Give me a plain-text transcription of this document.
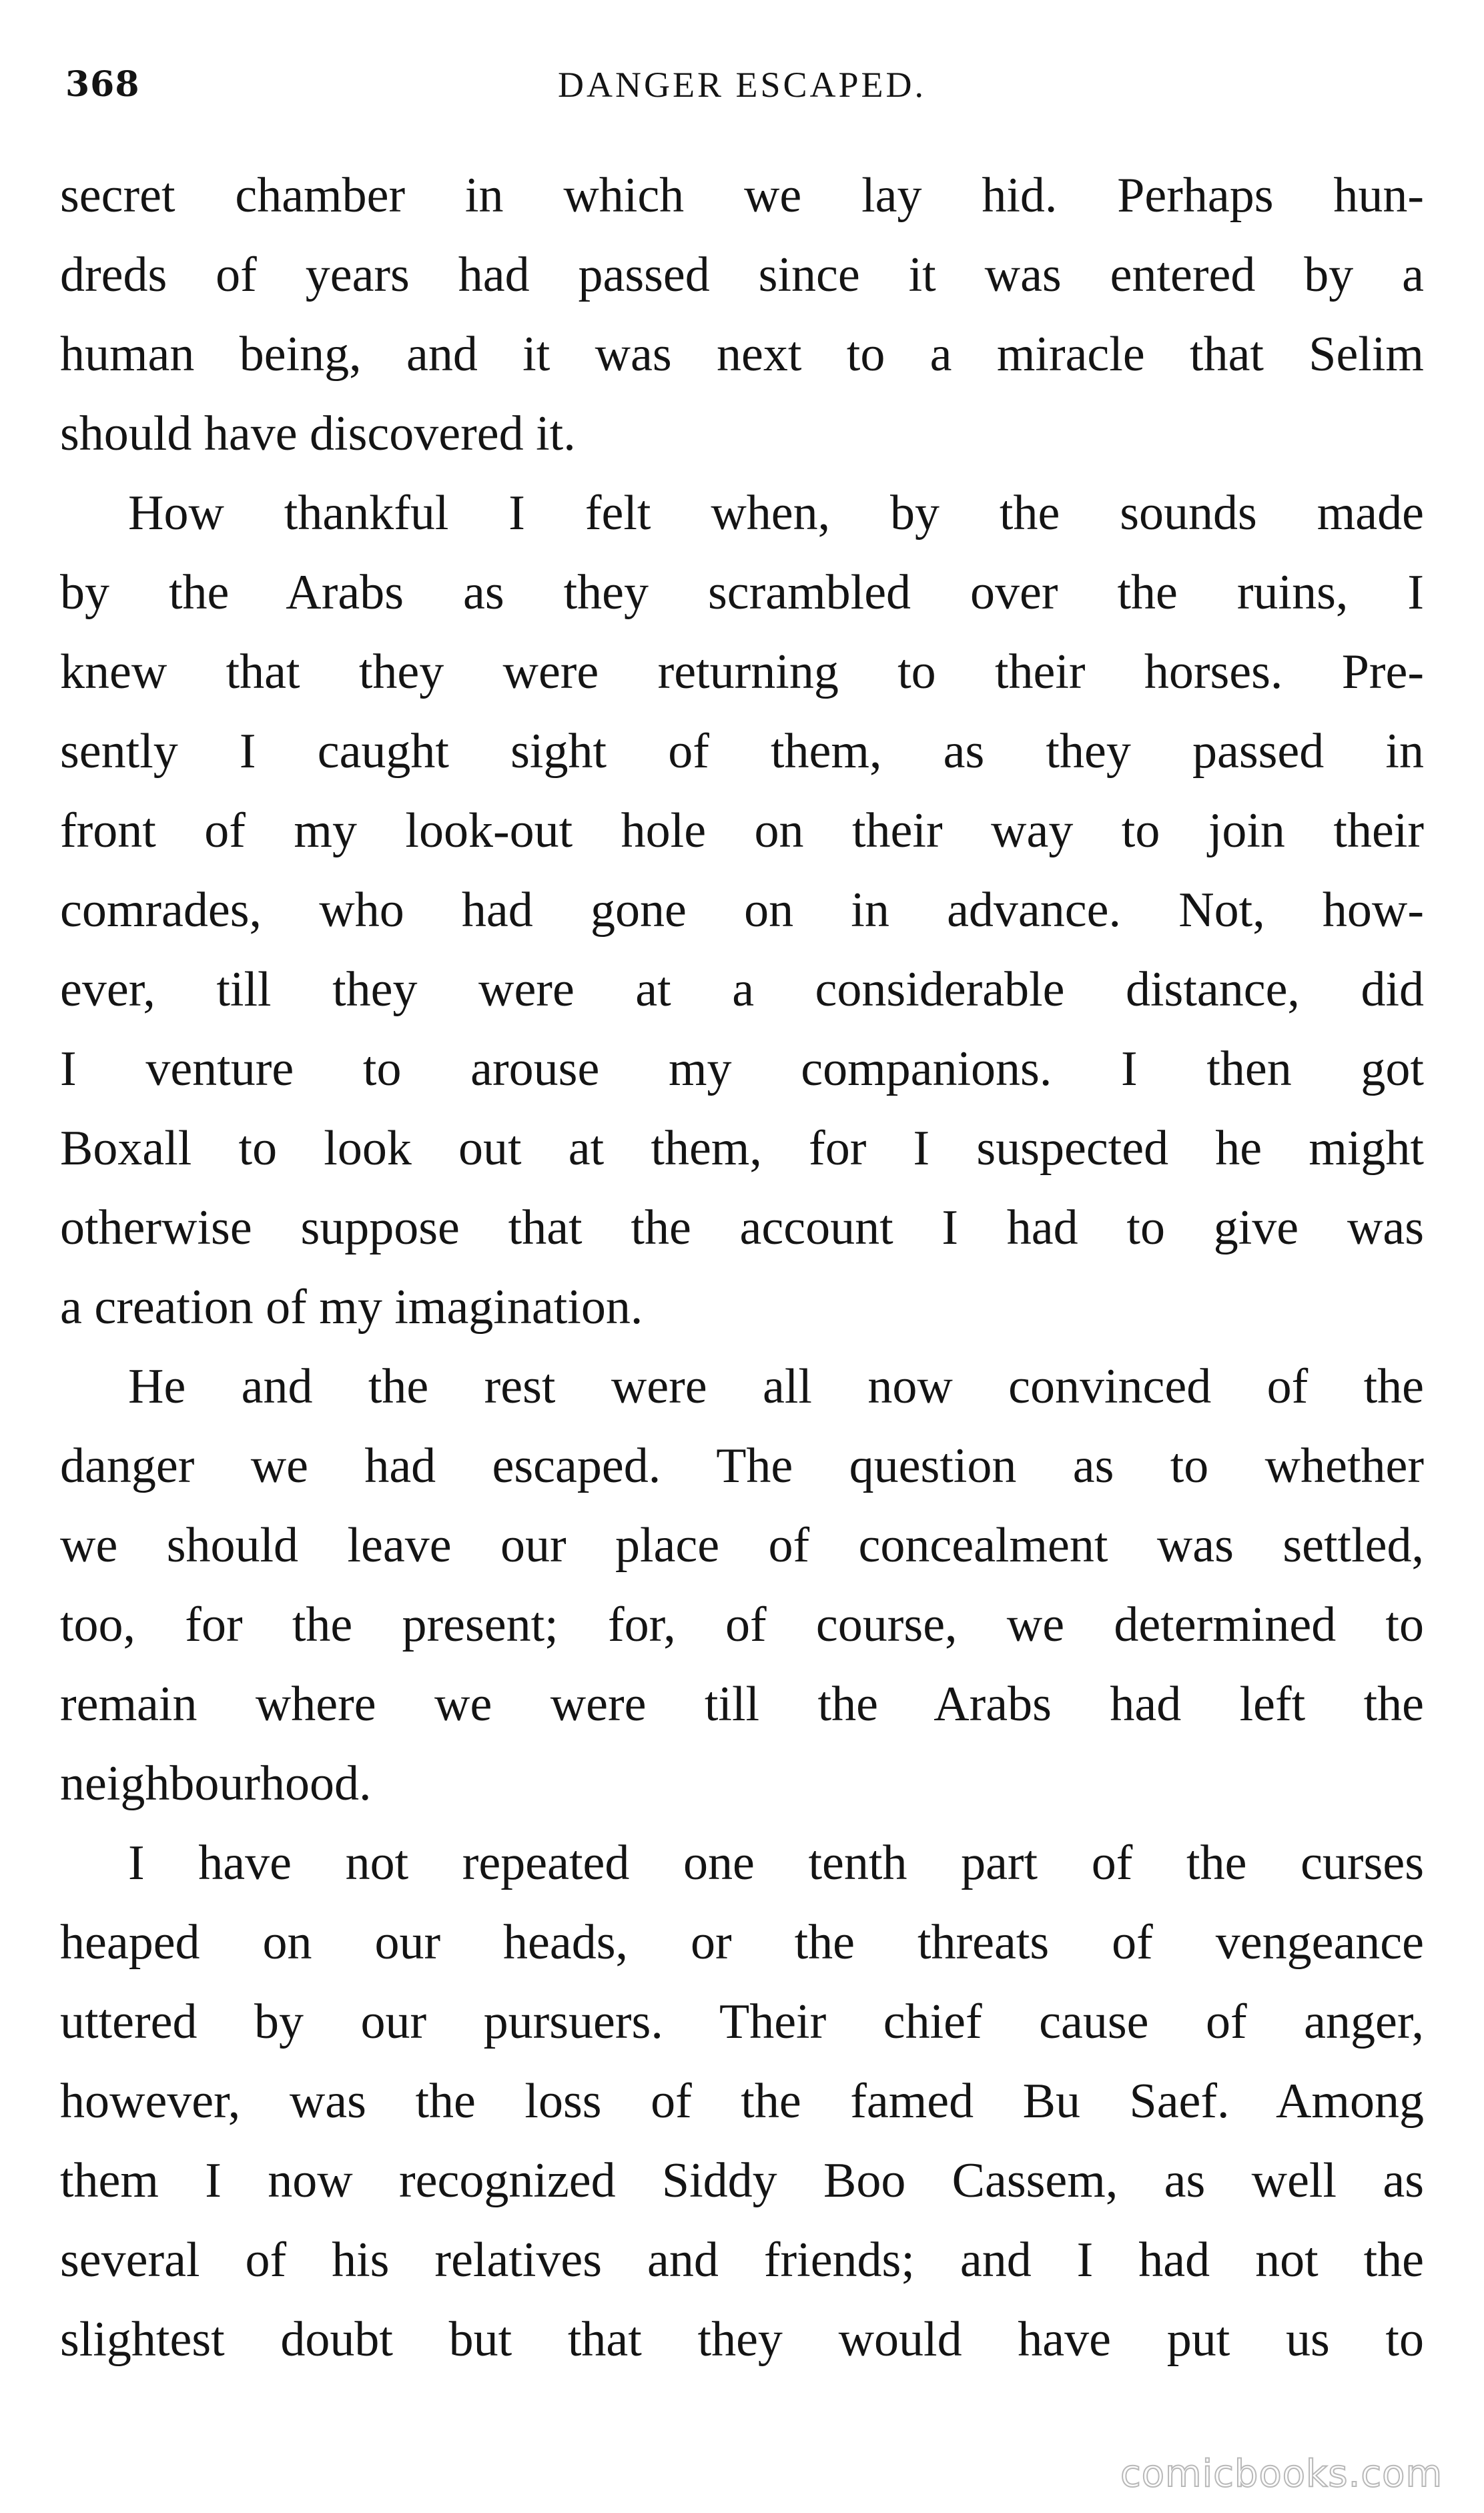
368	DANGER ESCAPED.
secret chamber in which we lay hid. Perhaps hun-
dreds of years had passed since it was entered by a
human being, and it was next to a miracle that Selim
should have discovered it.
How thankful I felt when, by the sounds made
by the Arabs as they scrambled over the ruins, I
knew that they were returning to their horses. Pre-
sently I caught sight of them, as they passed in
front of my look-out hole on their way to join their
comrades, who had gone on in advance. Not, how-
ever, till they were at a considerable distance, did
I venture to arouse my companions. I then got
Boxall to look out at them, for I suspected he might
otherwise suppose that the account I had to give was
a creation of my imagination.
He and the rest were all now convinced of the
danger we had escaped. The question as to whether
we should leave our place of concealment was settled,
too, for the present; for, of course, we determined to
remain where we were till the Arabs had left the
neighbourhood.
I have not repeated one tenth part of the curses
heaped on our heads, or the threats of vengeance
uttered by our pursuers. Their chief cause of anger,
however, was the loss of the famed Bu Saef. Among
them I now recognized Siddy Boo Cassem, as well as
several of his relatives and friends; and I had not the
slightest doubt but that they would have put us to
comicbooks.com
